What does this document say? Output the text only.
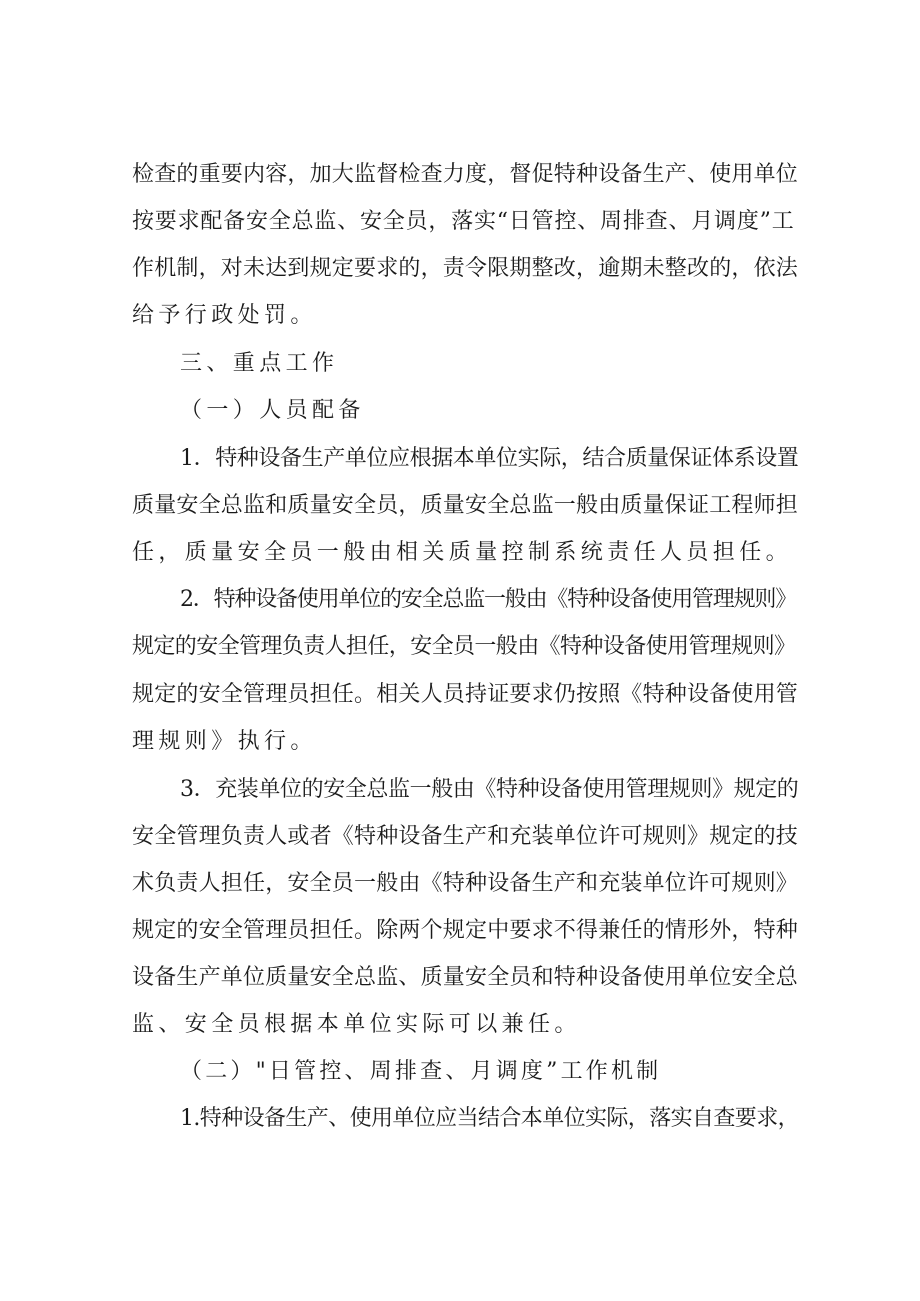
检查的重要内容，加大监督检查力度，督促特种设备生产、使用单位
按要求配备安全总监、安全员，落实“日管控、周排查、月调度”工
作机制，对未达到规定要求的，责令限期整改，逾期未整改的，依法
给予行政处罚。
三、重点工作
（一）人员配备
1．特种设备生产单位应根据本单位实际，结合质量保证体系设置
质量安全总监和质量安全员，质量安全总监一般由质量保证工程师担
任，质量安全员一般由相关质量控制系统责任人员担任。
2．特种设备使用单位的安全总监一般由《特种设备使用管理规则》
规定的安全管理负责人担任，安全员一般由《特种设备使用管理规则》
规定的安全管理员担任。相关人员持证要求仍按照《特种设备使用管
理规则》执行。
3．充装单位的安全总监一般由《特种设备使用管理规则》规定的
安全管理负责人或者《特种设备生产和充装单位许可规则》规定的技
术负责人担任，安全员一般由《特种设备生产和充装单位许可规则》
规定的安全管理员担任。除两个规定中要求不得兼任的情形外，特种
设备生产单位质量安全总监、质量安全员和特种设备使用单位安全总
监、安全员根据本单位实际可以兼任。
（二）"日管控、周排查、月调度”工作机制
1.特种设备生产、使用单位应当结合本单位实际，落实自查要求，
